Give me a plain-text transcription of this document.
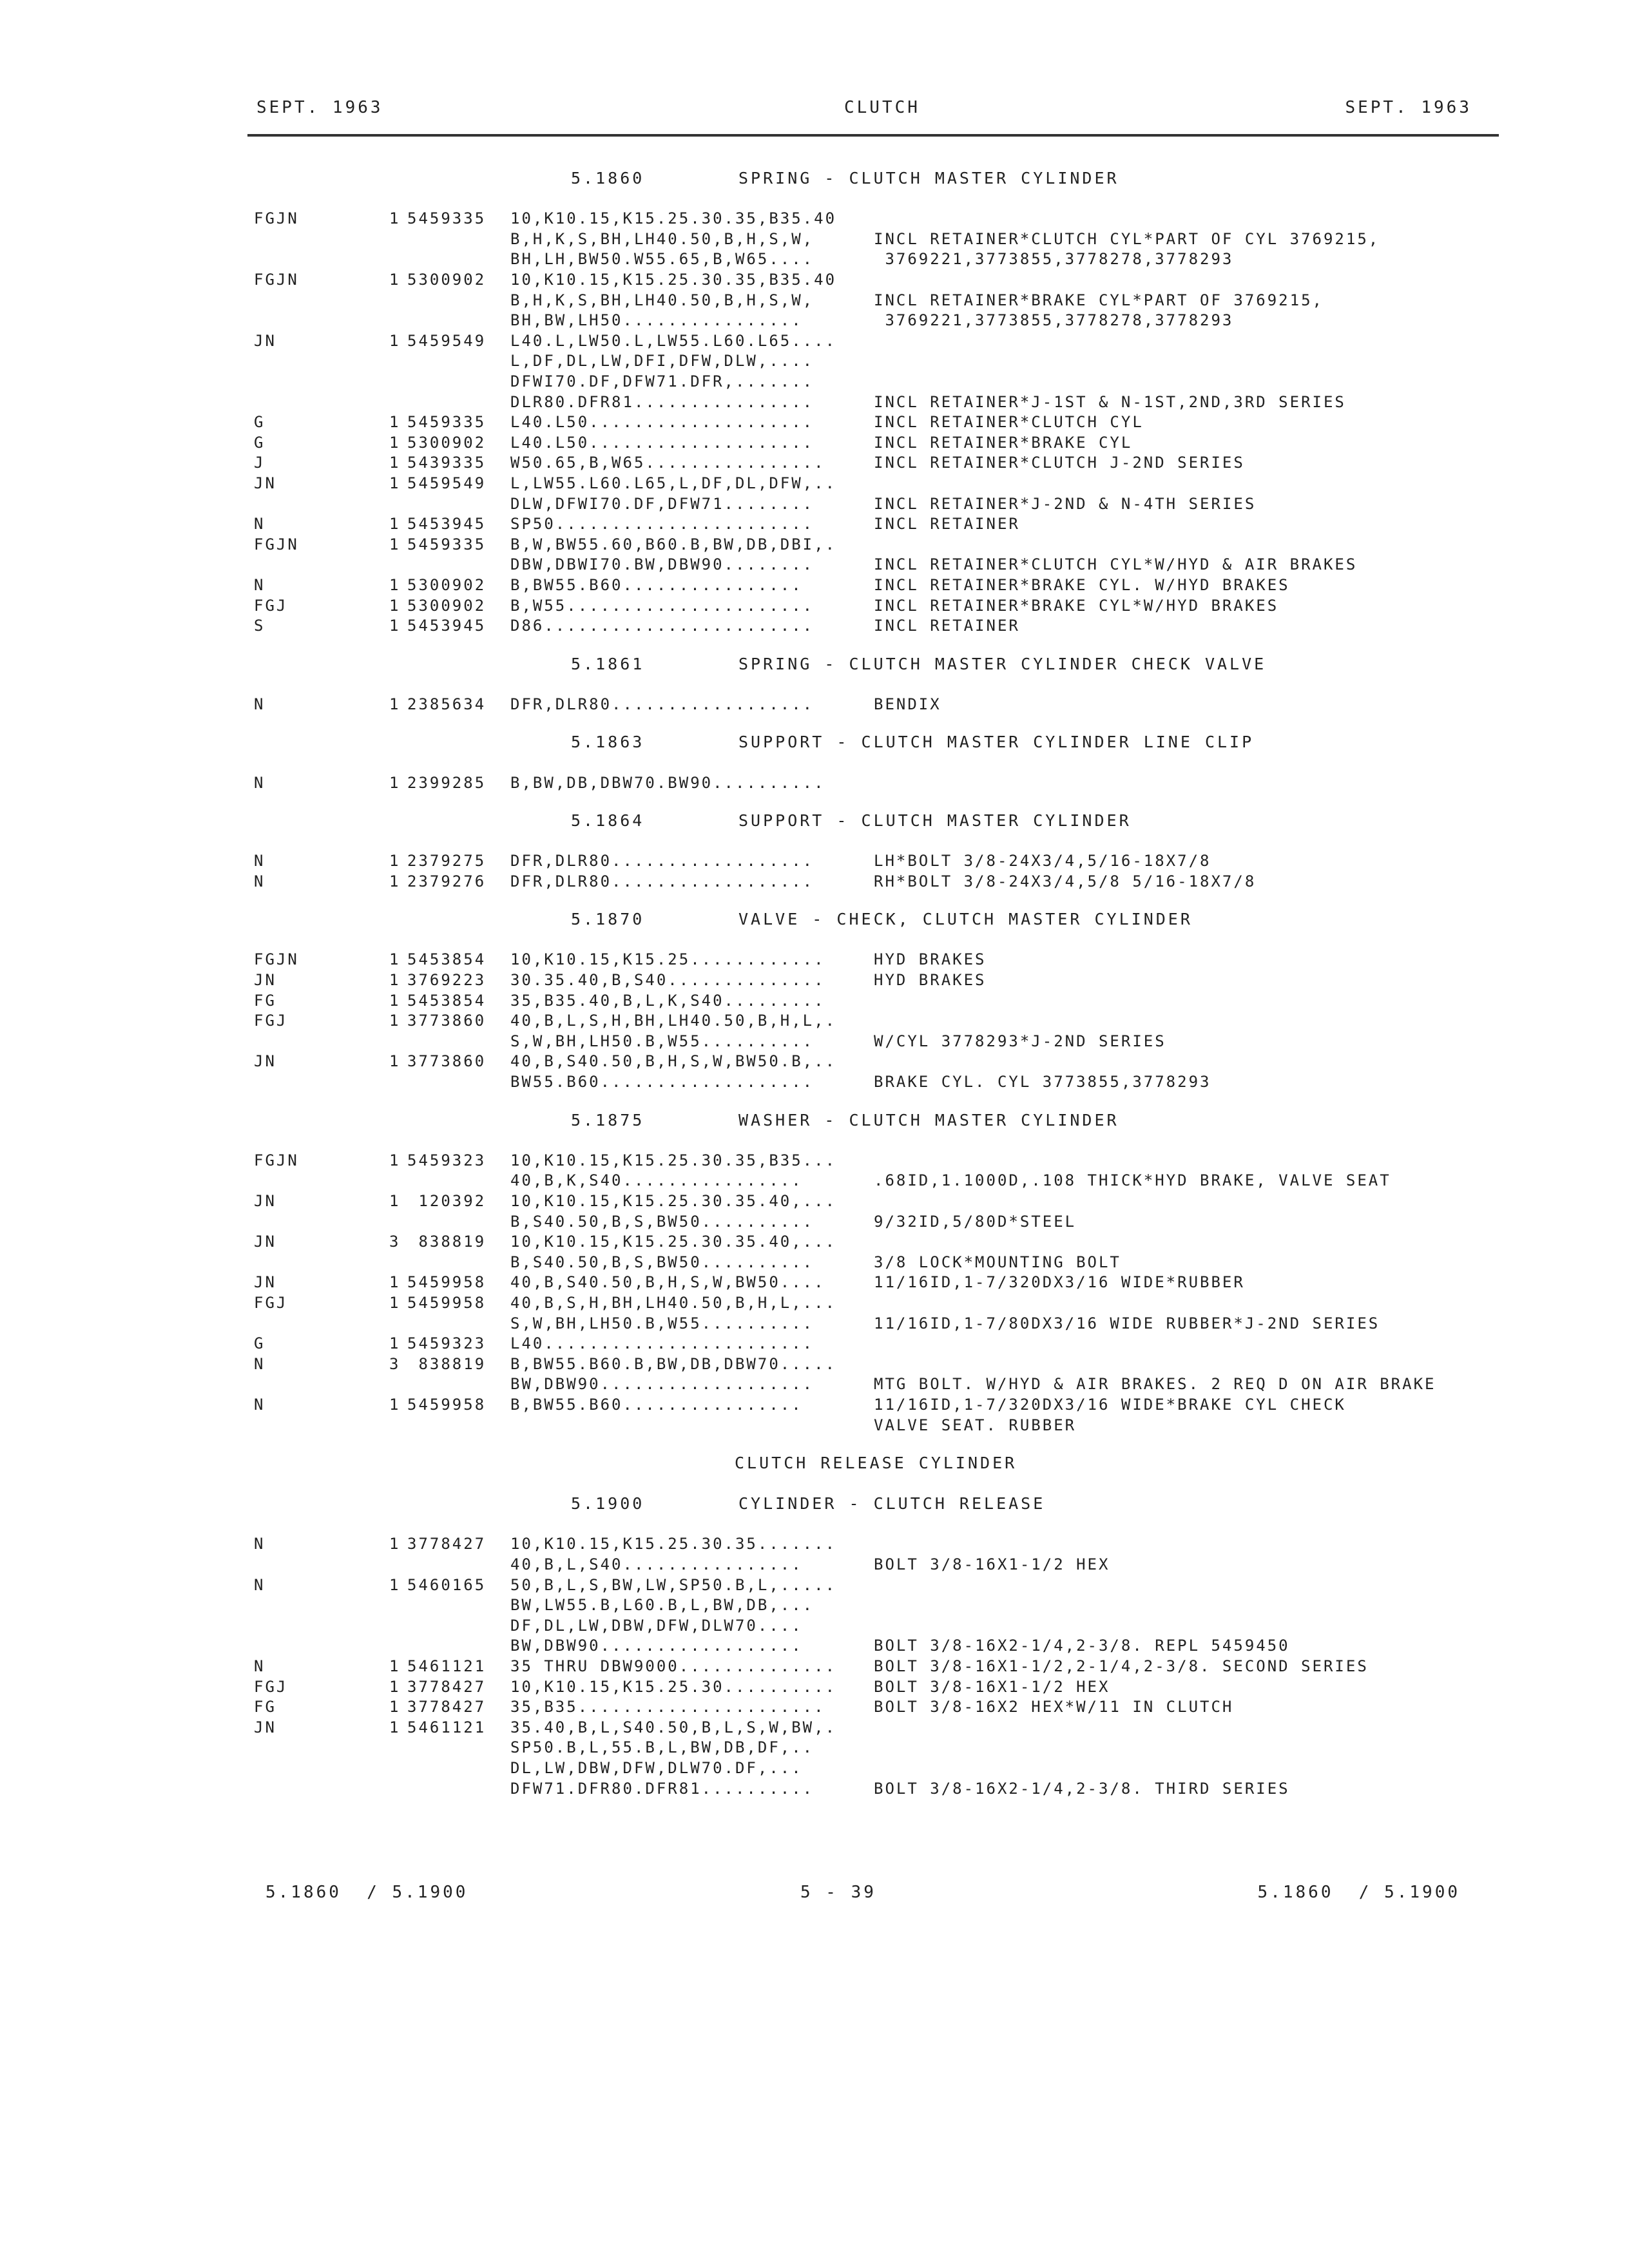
SEPT. 1963	CLUTCH	SEPT. 1963
5.1860	SPRING - CLUTCH MASTER CYLINDER
FGJN	1 5459335 10,K10.15,K15.25.30.35,B35.40
B,H,K,S,BH,LH40.50,B,H,S,W,	INCL RETAINER*CLUTCH CYL*PART OF CYL 3769215,
BH,LH,BW50.W55.65,B,W65....	3769221,3773855,3778278,3778293
FGJN	1 5300902 10,K10.15,K15.25.30.35,B35.40
B,H,K,S,BH,LH40.50,B,H,S,W,	INCL RETAINER*BRAKE CYL*PART OF 3769215,
BH,BW,LH50................	3769221,3773855,3778278,3778293
JN	1 5459549 L40.L,LW50.L,LW55.L60.L65....
L,DF,DL,LW,DFI,DFW,DLW,....
DFWI70.DF,DFW71.DFR,.......
DLR80.DFR81................	INCL RETAINER*J-1ST & N-1ST,2ND,3RD SERIES
G	1 5459335 L40.L50....................	INCL RETAINER*CLUTCH CYL
G	1 5300902 L40.L50....................	INCL RETAINER*BRAKE CYL
J	1 5439335 W50.65,B,W65................	INCL RETAINER*CLUTCH J-2ND SERIES
JN	1 5459549 L,LW55.L60.L65,L,DF,DL,DFW,..
DLW,DFWI70.DF,DFW71........	INCL RETAINER*J-2ND & N-4TH SERIES
N	1 5453945 SP50.......................	INCL RETAINER
FGJN	1 5459335 B,W,BW55.60,B60.B,BW,DB,DBI,.
DBW,DBWI70.BW,DBW90........	INCL RETAINER*CLUTCH CYL*W/HYD & AIR BRAKES
N	1 5300902 B,BW55.B60................	INCL RETAINER*BRAKE CYL. W/HYD BRAKES
FGJ	1 5300902 B,W55......................	INCL RETAINER*BRAKE CYL*W/HYD BRAKES
S	1 5453945 D86........................	INCL RETAINER
5.1861	SPRING - CLUTCH MASTER CYLINDER CHECK VALVE
N	1 2385634 DFR,DLR80..................	BENDIX
5.1863	SUPPORT - CLUTCH MASTER CYLINDER LINE CLIP
N	1 2399285 B,BW,DB,DBW70.BW90..........
5.1864	SUPPORT - CLUTCH MASTER CYLINDER
N	1 2379275 DFR,DLR80..................	LH*BOLT 3/8-24X3/4,5/16-18X7/8
N	1 2379276 DFR,DLR80..................	RH*BOLT 3/8-24X3/4,5/8 5/16-18X7/8
5.1870	VALVE - CHECK, CLUTCH MASTER CYLINDER
FGJN	1 5453854 10,K10.15,K15.25............	HYD BRAKES
JN	1 3769223 30.35.40,B,S40..............	HYD BRAKES
FG	1 5453854 35,B35.40,B,L,K,S40.........
FGJ	1 3773860 40,B,L,S,H,BH,LH40.50,B,H,L,.
S,W,BH,LH50.B,W55..........	W/CYL 3778293*J-2ND SERIES
JN	1 3773860 40,B,S40.50,B,H,S,W,BW50.B,..
BW55.B60...................	BRAKE CYL. CYL 3773855,3778293
5.1875	WASHER - CLUTCH MASTER CYLINDER
FGJN	1 5459323 10,K10.15,K15.25.30.35,B35...
40,B,K,S40................	.68ID,1.1000D,.108 THICK*HYD BRAKE, VALVE SEAT
JN	1 120392 10,K10.15,K15.25.30.35.40,...
B,S40.50,B,S,BW50..........	9/32ID,5/80D*STEEL
JN	3 838819 10,K10.15,K15.25.30.35.40,...
B,S40.50,B,S,BW50..........	3/8 LOCK*MOUNTING BOLT
JN	1 5459958 40,B,S40.50,B,H,S,W,BW50....	11/16ID,1-7/320DX3/16 WIDE*RUBBER
FGJ	1 5459958 40,B,S,H,BH,LH40.50,B,H,L,...
S,W,BH,LH50.B,W55..........	11/16ID,1-7/80DX3/16 WIDE RUBBER*J-2ND SERIES
G	1 5459323 L40........................
N	3 838819 B,BW55.B60.B,BW,DB,DBW70.....
BW,DBW90...................	MTG BOLT. W/HYD & AIR BRAKES. 2 REQ D ON AIR BRAKE
N	1 5459958 B,BW55.B60................	11/16ID,1-7/320DX3/16 WIDE*BRAKE CYL CHECK
VALVE SEAT. RUBBER
CLUTCH RELEASE CYLINDER
5.1900	CYLINDER - CLUTCH RELEASE
N	1 3778427 10,K10.15,K15.25.30.35.......
40,B,L,S40................	BOLT 3/8-16X1-1/2 HEX
N	1 5460165 50,B,L,S,BW,LW,SP50.B,L,.....
BW,LW55.B,L60.B,L,BW,DB,...
DF,DL,LW,DBW,DFW,DLW70....
BW,DBW90..................	BOLT 3/8-16X2-1/4,2-3/8. REPL 5459450
N	1 5461121 35 THRU DBW9000.............. BOLT 3/8-16X1-1/2,2-1/4,2-3/8. SECOND SERIES
FGJ	1 3778427 10,K10.15,K15.25.30.......... BOLT 3/8-16X1-1/2 HEX
FG	1 3778427 35,B35......................	BOLT 3/8-16X2 HEX*W/11 IN CLUTCH
JN	1 5461121 35.40,B,L,S40.50,B,L,S,W,BW,.
SP50.B,L,55.B,L,BW,DB,DF,..
DL,LW,DBW,DFW,DLW70.DF,...
DFW71.DFR80.DFR81..........	BOLT 3/8-16X2-1/4,2-3/8. THIRD SERIES
5.1860  / 5.1900	5 - 39	5.1860  / 5.1900
